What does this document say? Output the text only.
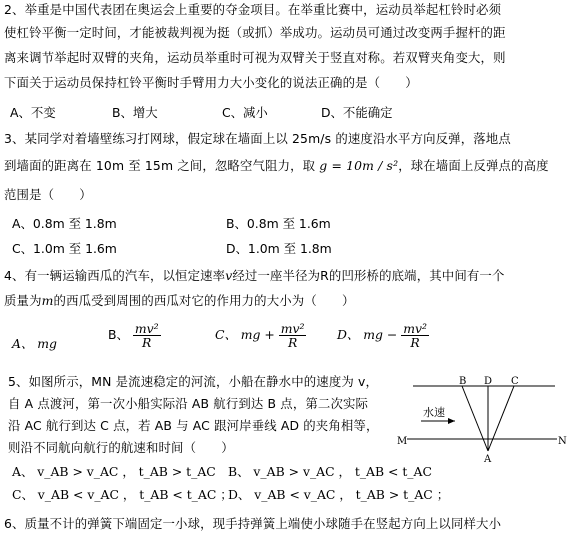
2、举重是中国代表团在奥运会上重要的夺金项目。在举重比赛中，运动员举起杠铃时必须
使杠铃平衡一定时间，才能被裁判视为挺（或抓）举成功。运动员可通过改变两手握杆的距
离来调节举起时双臂的夹角，运动员举重时可视为双臂关于竖直对称。若双臂夹角变大，则
下面关于运动员保持杠铃平衡时手臂用力大小变化的说法正确的是（　　）
A、不变	B、增大	C、减小	D、不能确定
3、某同学对着墙壁练习打网球，假定球在墙面上以 25m/s 的速度沿水平方向反弹，落地点
到墙面的距离在 10m 至 15m 之间，忽略空气阻力，取 g = 10m / s²，球在墙面上反弹点的高度
范围是（　　）
A、0.8m 至 1.8m	B、0.8m 至 1.6m
C、1.0m 至 1.6m	D、1.0m 至 1.8m
4、有一辆运输西瓜的汽车，以恒定速率v经过一座半径为R的凹形桥的底端，其中间有一个
质量为m的西瓜受到周围的西瓜对它的作用力的大小为（　　）
A、 mg
B、 $\frac{\text{mv²}}{R}$	C、 mg + $\frac{\text{mv²}}{R}$ D、 mg − $\frac{\text{mv²}}{R}$
5、如图所示，MN 是流速稳定的河流，小船在静水中的速度为 v，
自 A 点渡河，第一次小船实际沿 AB 航行到达 B 点，第二次实际
沿 AC 航行到达 C 点，若 AB 与 AC 跟河岸垂线 AD 的夹角相等，
则沿不同航向航行的航速和时间（　　）
A、 v_AB > v_AC ， t_AB > t_AC B、 v_AB > v_AC ， t_AB < t_AC
C、 v_AB < v_AC ， t_AB < t_AC ；
D、 v_AB < v_AC ， t_AB > t_AC ；
B D C
M	N
A
水速
6、质量不计的弹簧下端固定一小球，现手持弹簧上端使小球随手在竖起方向上以同样大小
